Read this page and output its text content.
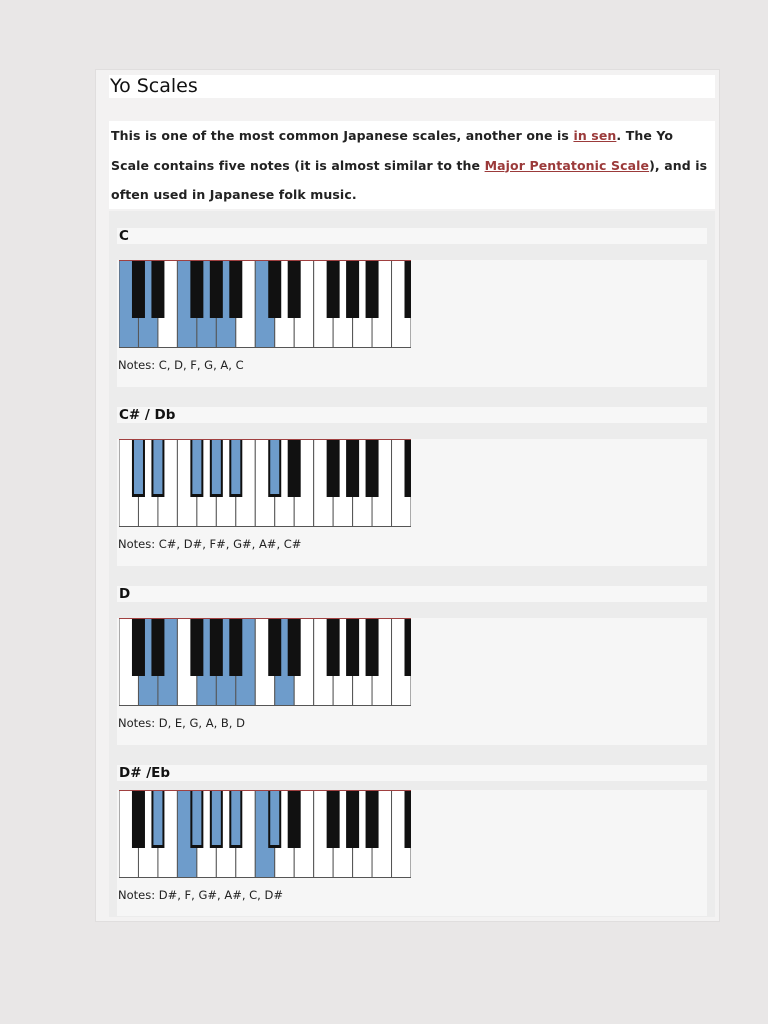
Yo Scales

This is one of the most common Japanese scales, another one is in sen. The Yo Scale contains five notes (it is almost similar to the Major Pentatonic Scale), and is often used in Japanese folk music.

C
Notes: C, D, F, G, A, C
C# / Db
Notes: C#, D#, F#, G#, A#, C#
D
Notes: D, E, G, A, B, D
D# /Eb
Notes: D#, F, G#, A#, C, D#
